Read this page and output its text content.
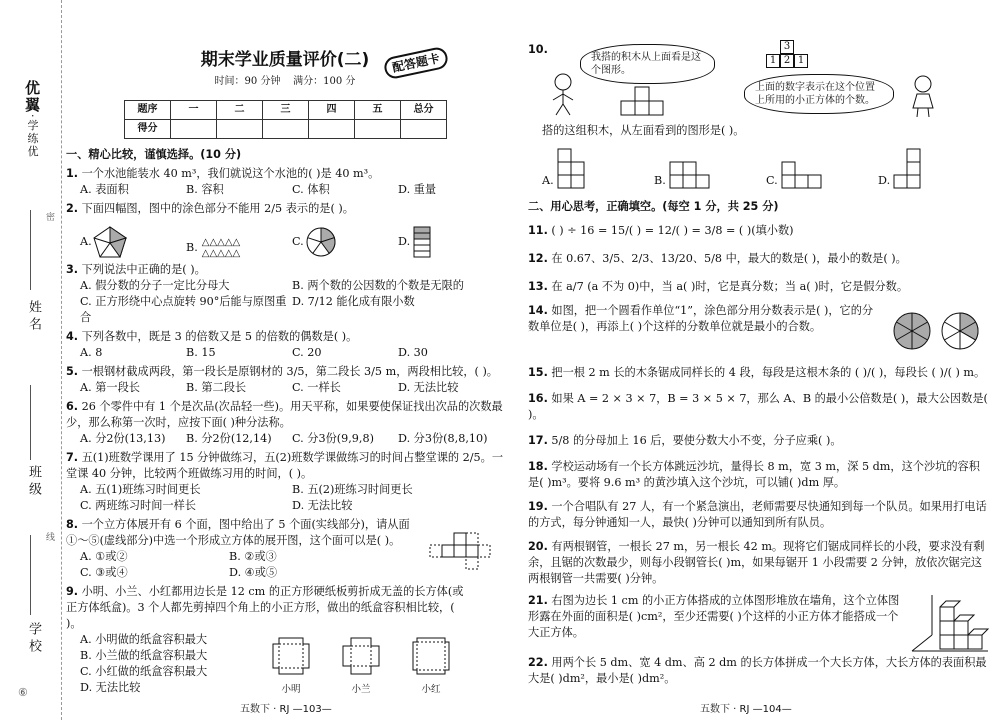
优翼·学练优
姓名
班级
学校
密
线
⑥
期末学业质量评价(二)	配答题卡
时间：90 分钟 满分：100 分
题序	一	二	三	四	五	总分
得分						
一、精心比较，谨慎选择。(10 分)
1. 一个水池能装水 40 m³，我们就说这个水池的( )是 40 m³。
A. 表面积	B. 容积	C. 体积	D. 重量
2. 下面四幅图，图中的涂色部分不能用 2/5 表示的是( )。
A.	B. △△△△△
△△△△△
C.	D.
3. 下列说法中正确的是( )。
A. 假分数的分子一定比分母大	B. 两个数的公因数的个数是无限的
C. 正方形绕中心点旋转 90°后能与原图重合
D. 7/12 能化成有限小数
4. 下列各数中，既是 3 的倍数又是 5 的倍数的偶数是( )。
A. 8	B. 15	C. 20	D. 30
5. 一根钢材截成两段，第一段长是原钢材的 3/5，第二段长 3/5 m，两段相比较，( )。
A. 第一段长	B. 第二段长	C. 一样长	D. 无法比较
6. 26 个零件中有 1 个是次品(次品轻一些)。用天平称，如果要使保证找出次品的次数最少，那么称第一次时，应按下面( )种分法称。
A. 分2份(13,13)	B. 分2份(12,14)	C. 分3份(9,9,8)	D. 分3份(8,8,10)
7. 五(1)班数学课用了 15 分钟做练习，五(2)班数学课做练习的时间占整堂课的 2/5。一堂课 40 分钟，比较两个班做练习用的时间，( )。
A. 五(1)班练习时间更长	B. 五(2)班练习时间更长
C. 两班练习时间一样长	D. 无法比较
8. 一个立方体展开有 6 个面，图中给出了 5 个面(实线部分)，请从面 ①～⑤(虚线部分)中选一个形成立方体的展开图，这个面可以是( )。
A. ①或②	B. ②或③
C. ③或④	D. ④或⑤
9. 小明、小兰、小红都用边长是 12 cm 的正方形硬纸板剪折成无盖的长方体(或正方体纸盒)。3 个人都先剪掉四个角上的小正方形，做出的纸盒容积相比较，( )。
A. 小明做的纸盒容积最大
B. 小兰做的纸盒容积最大
C. 小红做的纸盒容积最大
D. 无法比较	小明	小兰	小红
五数下 · RJ —103—
10.
我搭的积木从上面看是这个图形。
3
1 2 1
上面的数字表示在这个位置上所用的小正方体的个数。
搭的这组积木，从左面看到的图形是( )。
A.	B.	C.	D.
二、用心思考，正确填空。(每空 1 分，共 25 分)
11. ( ) ÷ 16 = 15/( ) = 12/( ) = 3/8 = ( )(填小数)
12. 在 0.67、3/5、2/3、13/20、5/8 中，最大的数是( )，最小的数是( )。
13. 在 a/7 (a 不为 0)中，当 a( )时，它是真分数；当 a( )时，它是假分数。
14. 如图，把一个圆看作单位“1”，涂色部分用分数表示是( )，它的分数单位是( )，再添上( )个这样的分数单位就是最小的合数。
15. 把一根 2 m 长的木条锯成同样长的 4 段，每段是这根木条的 ( )/( )，每段长 ( )/( ) m。
16. 如果 A = 2 × 3 × 7，B = 3 × 5 × 7，那么 A、B 的最小公倍数是( )，最大公因数是( )。
17. 5/8 的分母加上 16 后，要使分数大小不变，分子应乘( )。
18. 学校运动场有一个长方体跳远沙坑，量得长 8 m，宽 3 m，深 5 dm，这个沙坑的容积是( )m³。要将 9.6 m³ 的黄沙填入这个沙坑，可以铺( )dm 厚。
19. 一个合唱队有 27 人，有一个紧急演出，老师需要尽快通知到每一个队员。如果用打电话的方式，每分钟通知一人，最快( )分钟可以通知到所有队员。
20. 有两根钢管，一根长 27 m，另一根长 42 m。现将它们锯成同样长的小段，要求没有剩余，且锯的次数最少，则每小段钢管长( )m，如果每锯开 1 小段需要 2 分钟，放依次锯完这两根钢管一共需要( )分钟。
21. 右图为边长 1 cm 的小正方体搭成的立体图形堆放在墙角，这个立体图形露在外面的面积是( )cm²，至少还需要( )个这样的小正方体才能搭成一个大正方体。
22. 用两个长 5 dm、宽 4 dm、高 2 dm 的长方体拼成一个大长方体，大长方体的表面积最大是( )dm²，最小是( )dm²。
五数下 · RJ —104—
